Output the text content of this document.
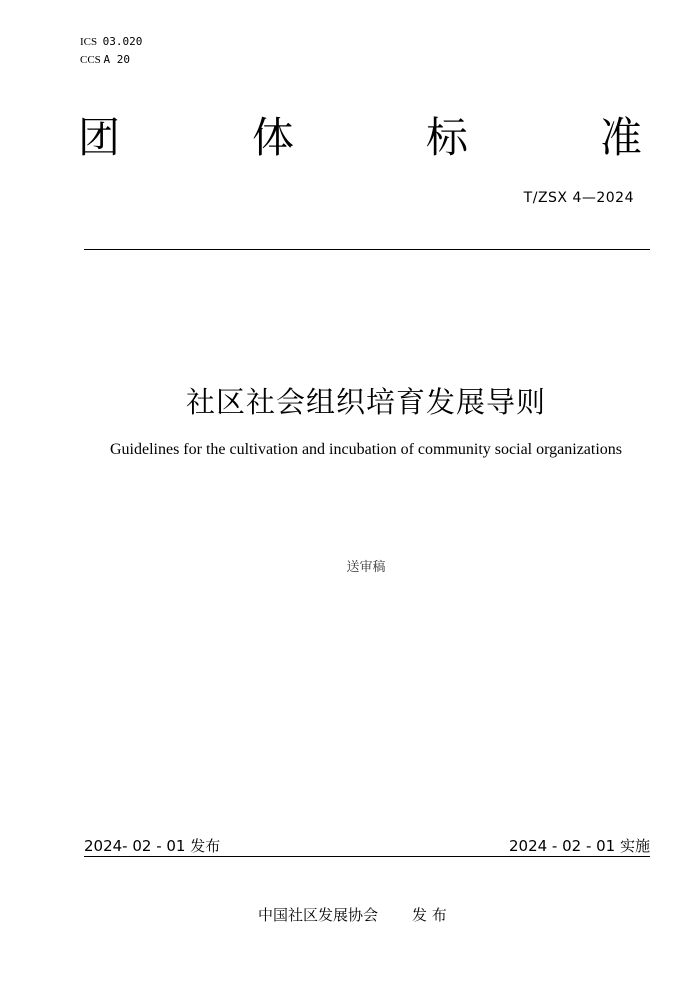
ICS 03.020
CCS A 20
团	体	标	准
T/ZSX 4—2024
社区社会组织培育发展导则
Guidelines for the cultivation and incubation of community social organizations
送审稿
2024- 02 - 01 发布	2024 - 02 - 01 实施
中国社区发展协会 发 布
